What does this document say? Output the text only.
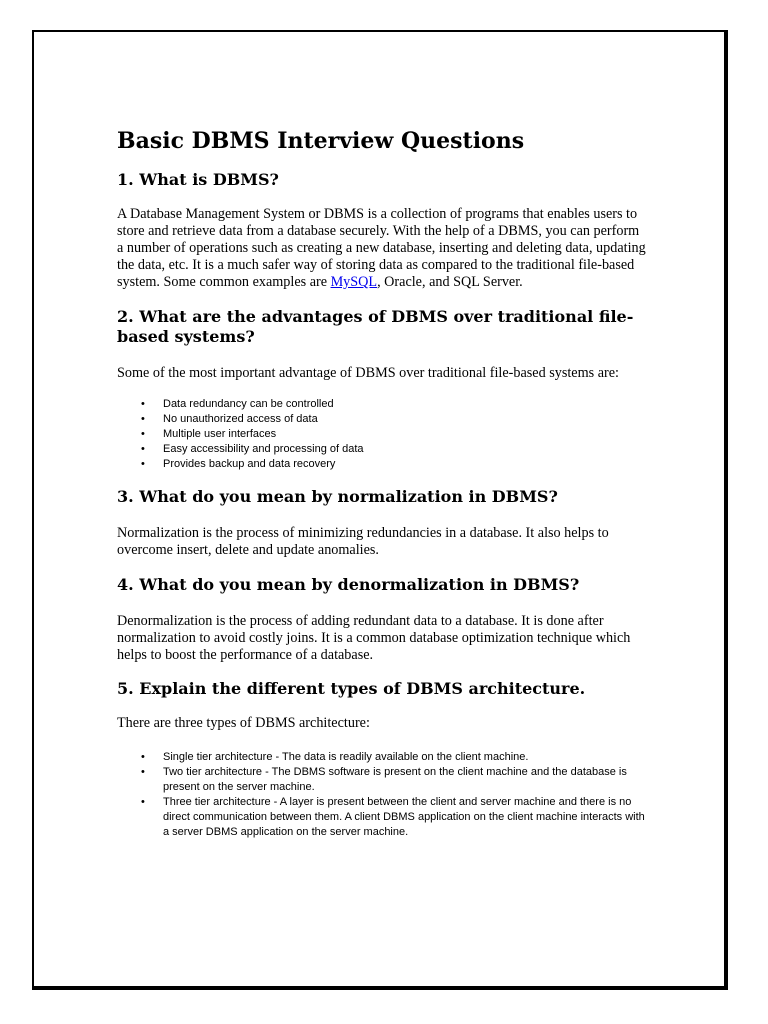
Basic DBMS Interview Questions
1. What is DBMS?

A Database Management System or DBMS is a collection of programs that enables users to store and retrieve data from a database securely. With the help of a DBMS, you can perform a number of operations such as creating a new database, inserting and deleting data, updating the data, etc. It is a much safer way of storing data as compared to the traditional file-based system. Some common examples are MySQL, Oracle, and SQL Server.

2. What are the advantages of DBMS over traditional file-based systems?

Some of the most important advantage of DBMS over traditional file-based systems are:

• Data redundancy can be controlled
• No unauthorized access of data
• Multiple user interfaces
• Easy accessibility and processing of data
• Provides backup and data recovery
3. What do you mean by normalization in DBMS?

Normalization is the process of minimizing redundancies in a database. It also helps to overcome insert, delete and update anomalies.

4. What do you mean by denormalization in DBMS?

Denormalization is the process of adding redundant data to a database. It is done after normalization to avoid costly joins. It is a common database optimization technique which helps to boost the performance of a database.

5. Explain the different types of DBMS architecture.

There are three types of DBMS architecture:

• Single tier architecture - The data is readily available on the client machine.
• Two tier architecture - The DBMS software is present on the client machine and the database is present on the server machine.
• Three tier architecture - A layer is present between the client and server machine and there is no direct communication between them. A client DBMS application on the client machine interacts with a server DBMS application on the server machine.
